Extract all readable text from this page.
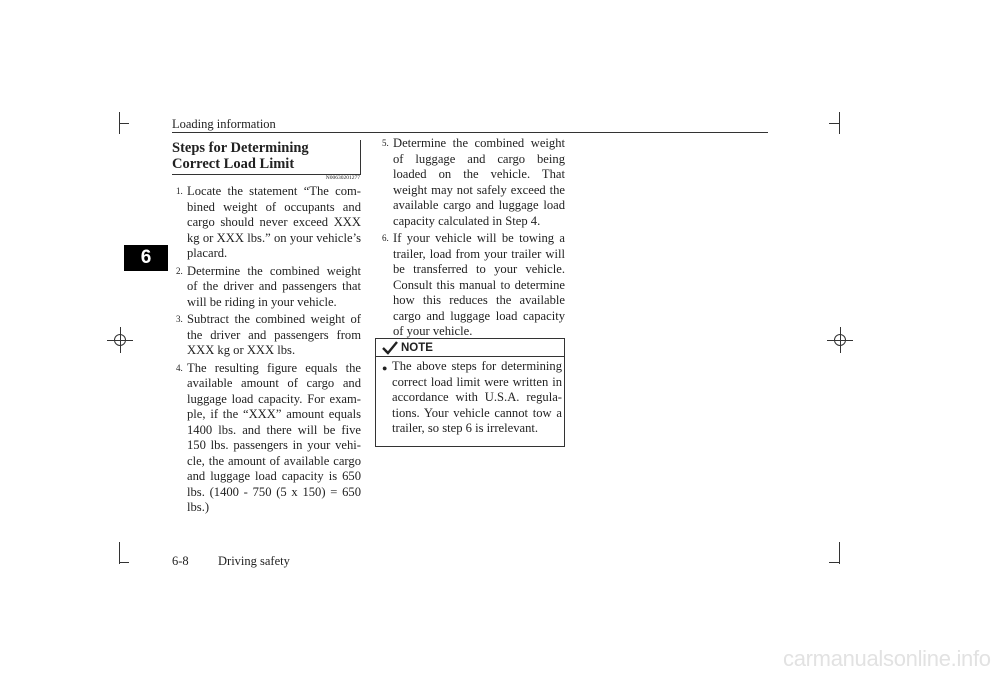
Loading information
6
Steps for Determining Correct Load Limit
N00630201277
1. Locate the statement “The com- bined weight of occupants and cargo should never exceed XXX kg or XXX lbs.” on your vehicle’s placard.
2. Determine the combined weight of the driver and passengers that will be riding in your vehicle.
3. Subtract the combined weight of the driver and passengers from XXX kg or XXX lbs.
4. The resulting figure equals the available amount of cargo and luggage load capacity. For exam- ple, if the “XXX” amount equals 1400 lbs. and there will be five 150 lbs. passengers in your vehi- cle, the amount of available cargo and luggage load capacity is 650 lbs. (1400 - 750 (5 x 150) = 650 lbs.)
5. Determine the combined weight of luggage and cargo being loaded on the vehicle. That weight may not safely exceed the available cargo and luggage load capacity calculated in Step 4.
6. If your vehicle will be towing a trailer, load from your trailer will be transferred to your vehicle. Consult this manual to determine how this reduces the available cargo and luggage load capacity of your vehicle.
NOTE
● The above steps for determining correct load limit were written in accordance with U.S.A. regula- tions. Your vehicle cannot tow a trailer, so step 6 is irrelevant.
6-8 Driving safety
carmanualsonline.info
